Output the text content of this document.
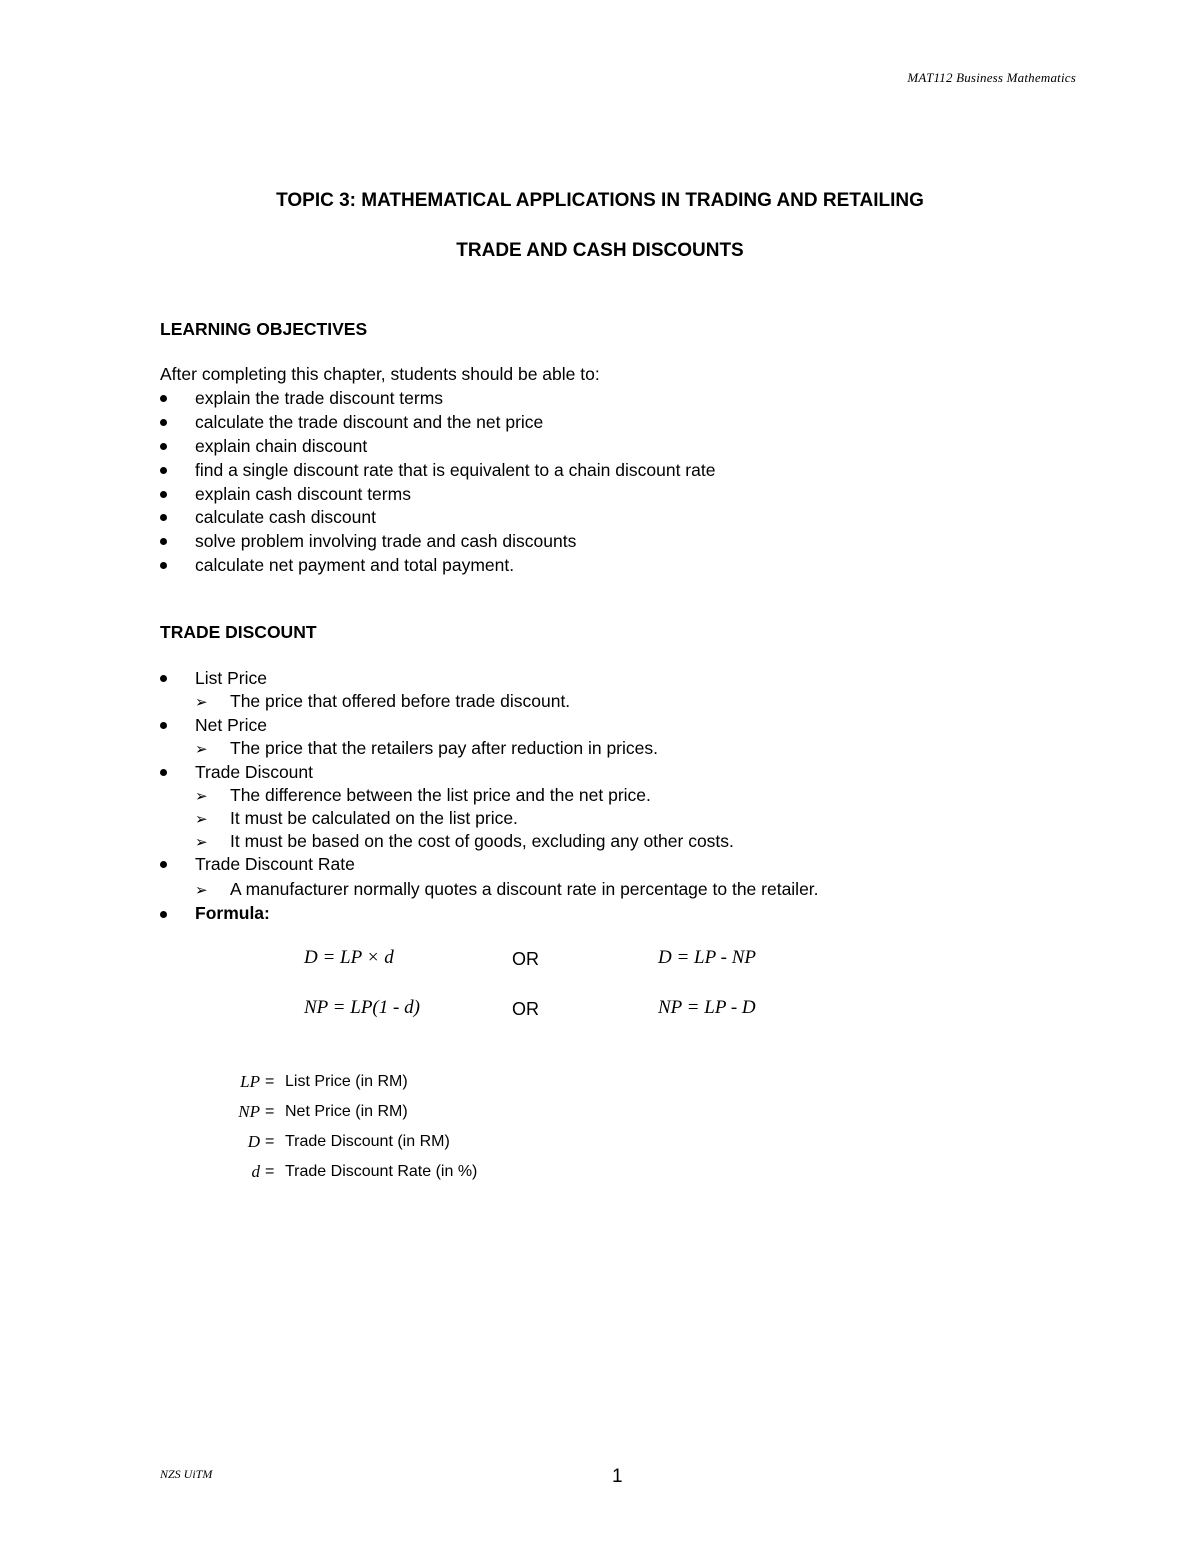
MAT112 Business Mathematics
TOPIC 3: MATHEMATICAL APPLICATIONS IN TRADING AND RETAILING
TRADE AND CASH DISCOUNTS
LEARNING OBJECTIVES
After completing this chapter, students should be able to:
explain the trade discount terms
calculate the trade discount and the net price
explain chain discount
find a single discount rate that is equivalent to a chain discount rate
explain cash discount terms
calculate cash discount
solve problem involving trade and cash discounts
calculate net payment and total payment.
TRADE DISCOUNT
List Price
➢ The price that offered before trade discount.
Net Price
➢ The price that the retailers pay after reduction in prices.
Trade Discount
➢ The difference between the list price and the net price.
➢ It must be calculated on the list price.
➢ It must be based on the cost of goods, excluding any other costs.
Trade Discount Rate
➢ A manufacturer normally quotes a discount rate in percentage to the retailer.
Formula:
D = LP × d	OR	D = LP - NP
NP = LP(1 - d)	OR	NP = LP - D
LP = List Price (in RM)
NP = Net Price (in RM)
D = Trade Discount (in RM)
d = Trade Discount Rate (in %)
NZS UiTM	1
